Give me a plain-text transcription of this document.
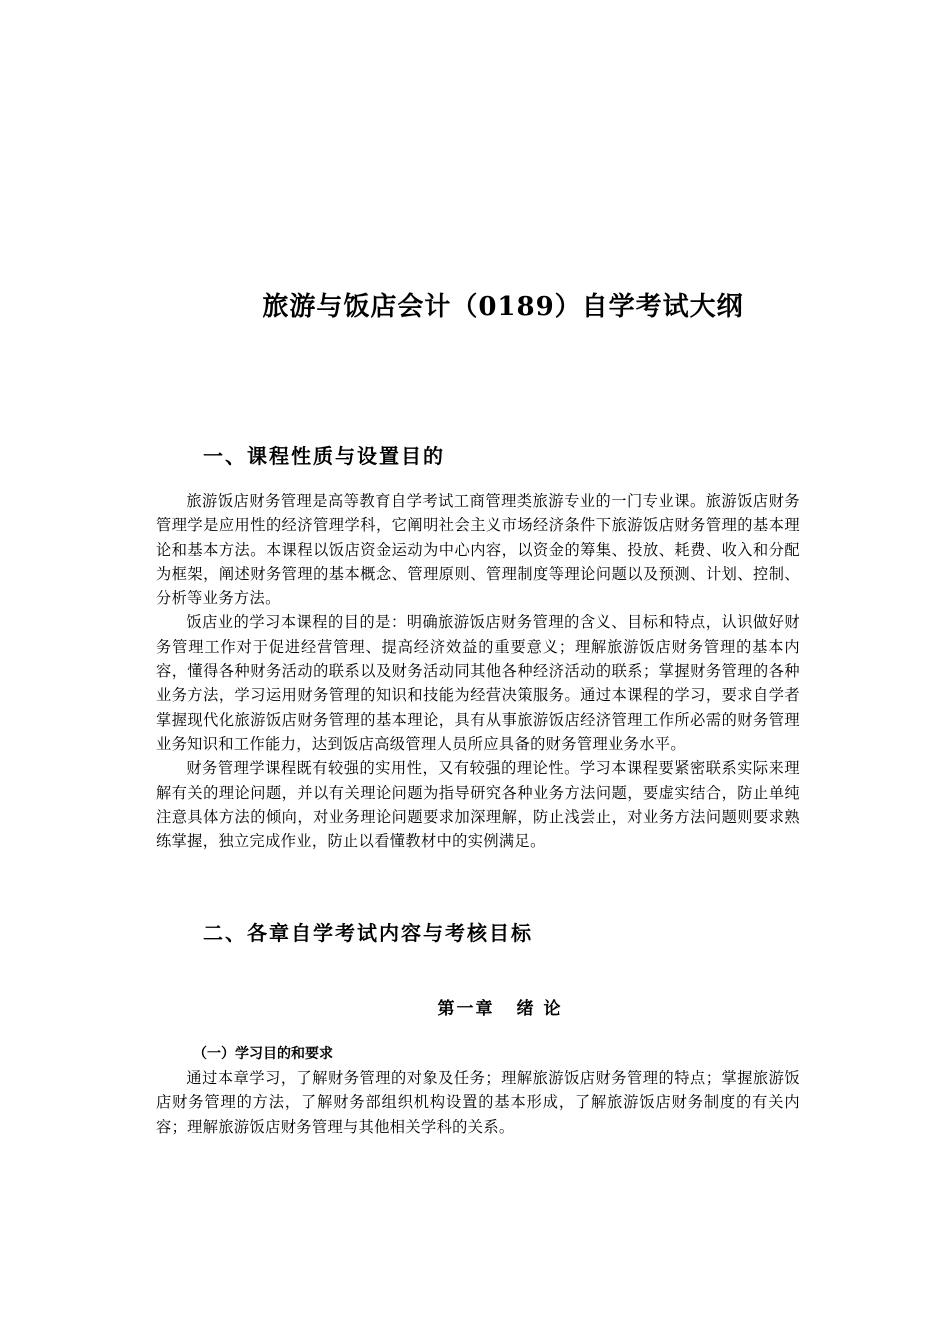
旅游与饭店会计（0189）自学考试大纲
一、课程性质与设置目的

旅游饭店财务管理是高等教育自学考试工商管理类旅游专业的一门专业课。旅游饭店财务管理学是应用性的经济管理学科，它阐明社会主义市场经济条件下旅游饭店财务管理的基本理论和基本方法。本课程以饭店资金运动为中心内容，以资金的筹集、投放、耗费、收入和分配为框架，阐述财务管理的基本概念、管理原则、管理制度等理论问题以及预测、计划、控制、分析等业务方法。

饭店业的学习本课程的目的是：明确旅游饭店财务管理的含义、目标和特点，认识做好财务管理工作对于促进经营管理、提高经济效益的重要意义；理解旅游饭店财务管理的基本内容，懂得各种财务活动的联系以及财务活动同其他各种经济活动的联系；掌握财务管理的各种业务方法，学习运用财务管理的知识和技能为经营决策服务。通过本课程的学习，要求自学者掌握现代化旅游饭店财务管理的基本理论，具有从事旅游饭店经济管理工作所必需的财务管理业务知识和工作能力，达到饭店高级管理人员所应具备的财务管理业务水平。

财务管理学课程既有较强的实用性，又有较强的理论性。学习本课程要紧密联系实际来理解有关的理论问题，并以有关理论问题为指导研究各种业务方法问题，要虚实结合，防止单纯注意具体方法的倾向，对业务理论问题要求加深理解，防止浅尝止，对业务方法问题则要求熟练掌握，独立完成作业，防止以看懂教材中的实例满足。

二、各章自学考试内容与考核目标
第一章 绪 论
（一）学习目的和要求

通过本章学习，了解财务管理的对象及任务；理解旅游饭店财务管理的特点；掌握旅游饭店财务管理的方法，了解财务部组织机构设置的基本形成，了解旅游饭店财务制度的有关内容；理解旅游饭店财务管理与其他相关学科的关系。
